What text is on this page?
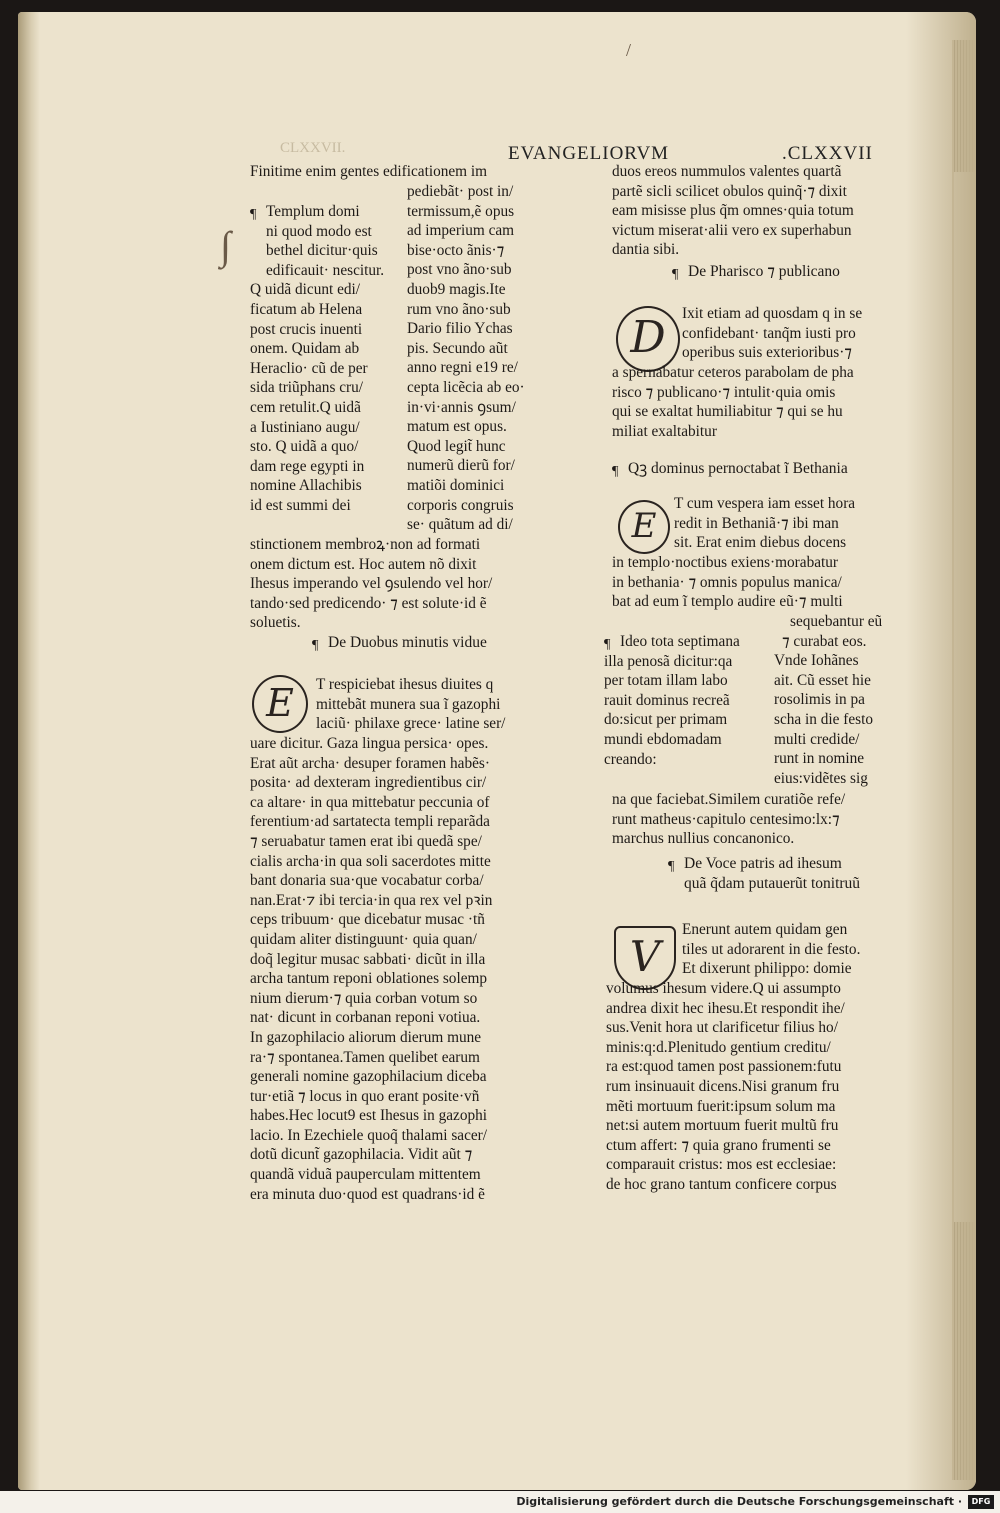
CLXXVII.	EVANGELIORVM	.CLXXVII
/
Finitime enim gentes edificationem im
∫
¶ Templum domi
ni quod modo est
bethel dicitur·quis
edificauit· nescitur.
Q uidã dicunt edi/
ficatum ab Helena
post crucis inuenti
onem. Quidam ab
Heraclio· cũ de per
sida triũphans cru/
cem retulit.Q uidã
a Iustiniano augu/
sto. Q uidã a quo/
dam rege egypti in
nomine Allachibis
id est summi dei
pediebãt· post in/
termissum,ẽ opus
ad imperium cam
bise·octo ãnis·⁊
post vno ãno·sub
duob9 magis.Ite
rum vno ãno·sub
Dario filio Ychas
pis. Secundo aũt
anno regni e19 re/
cepta licẽcia ab eo·
in·vi·annis ꝯsum/
matum est opus.
Quod legit̃ hunc
numerũ dierũ for/
matiõi dominici
corporis congruis
se· quãtum ad di/
stinctionem membroꝝ·non ad formati
onem dictum est. Hoc autem nõ dixit
Ihesus imperando vel ꝯsulendo vel hor/
tando·sed predicendo· ⁊ est solute·id ẽ
soluetis.
¶ De Duobus minutis vidue
E	T respiciebat ihesus diuites q
mittebãt munera sua ĩ gazophi
laciũ· philaxe grece· latine ser/
uare dicitur. Gaza lingua persica· opes.
Erat aũt archa· desuper foramen habẽs·
posita· ad dexteram ingredientibus cir/
ca altare· in qua mittebatur peccunia of
ferentium·ad sartatecta templi reparãda
⁊ seruabatur tamen erat ibi quedã spe/
cialis archa·in qua soli sacerdotes mitte
bant donaria sua·que vocabatur corba/
nan.Erat·⁊ ibi tercia·in qua rex vel pꝛin
ceps tribuum· que dicebatur musac ·tñ
quidam aliter distinguunt· quia quan/
doq̃ legitur musac sabbati· dicũt in illa
archa tantum reponi oblationes solemp
nium dierum·⁊ quia corban votum so
nat· dicunt in corbanan reponi votiua.
In gazophilacio aliorum dierum mune
ra·⁊ spontanea.Tamen quelibet earum
generali nomine gazophilacium diceba
tur·etiã ⁊ locus in quo erant posite·vñ
habes.Hec locut9 est Ihesus in gazophi
lacio. In Ezechiele quoq̃ thalami sacer/
dotũ dicunt̃ gazophilacia. Vidit aũt ⁊
quandã viduã pauperculam mittentem
era minuta duo·quod est quadrans·id ẽ
duos ereos nummulos valentes quartã
partẽ sicli scilicet obulos quinq̃·⁊ dixit
eam misisse plus q̃m omnes·quia totum
victum miserat·alii vero ex superhabun
dantia sibi.
¶ De Pharisco ⁊ publicano
D	Ixit etiam ad quosdam q in se
confidebant· tanq̃m iusti pro
operibus suis exterioribus·⁊
a spernabatur ceteros parabolam de pha
risco ⁊ publicano·⁊ intulit·quia omis
qui se exaltat humiliabitur ⁊ qui se hu
miliat exaltabitur
¶ Qꝫ dominus pernoctabat ĩ Bethania
E
T cum vespera iam esset hora
redit in Bethaniã·⁊ ibi man
sit. Erat enim diebus docens
in templo·noctibus exiens·morabatur
in bethania· ⁊ omnis populus manica/
bat ad eum ĩ templo audire eũ·⁊ multi
sequebantur eũ
⁊ curabat eos.
Vnde Iohãnes
ait. Cũ esset hie
rosolimis in pa
scha in die festo
multi credide/
runt in nomine
eius:vidẽtes sig
¶ Ideo tota septimana
illa penosã dicitur:qa
per totam illam labo
rauit dominus recreã
do:sicut per primam
mundi ebdomadam
creando:
na que faciebat.Similem curatiõe refe/
runt matheus·capitulo centesimo:lx:⁊
marchus nullius concanonico.
¶ De Voce patris ad ihesum
quã q̃dam putauerũt tonitruũ
V
Enerunt autem quidam gen
tiles ut adorarent in die festo.
Et dixerunt philippo: domie
volumus ihesum videre.Q ui assumpto
andrea dixit hec ihesu.Et respondit ihe/
sus.Venit hora ut clarificetur filius ho/
minis:q:d.Plenitudo gentium creditu/
ra est:quod tamen post passionem:futu
rum insinuauit dicens.Nisi granum fru
mẽti mortuum fuerit:ipsum solum ma
net:si autem mortuum fuerit multũ fru
ctum affert: ⁊ quia grano frumenti se
comparauit cristus: mos est ecclesiae:
de hoc grano tantum conficere corpus
Digitalisierung gefördert durch die Deutsche Forschungsgemeinschaft ·	DFG
